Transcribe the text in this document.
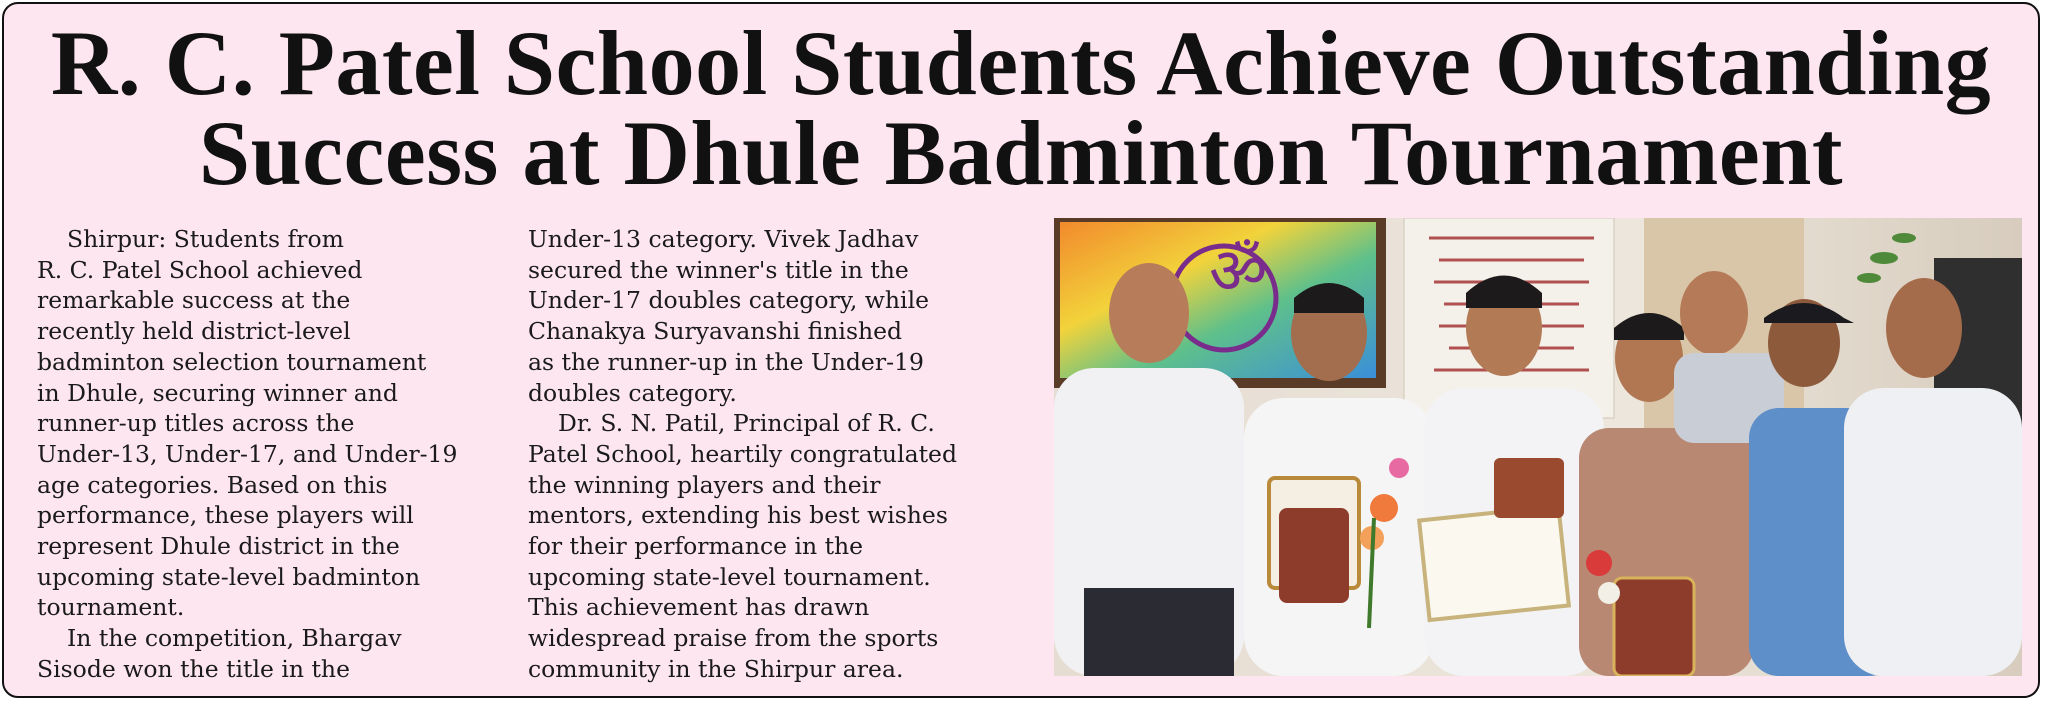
R. C. Patel School Students Achieve Outstanding
Success at Dhule Badminton Tournament

Shirpur: Students from

R. C. Patel School achieved

remarkable success at the

recently held district-level

badminton selection tournament

in Dhule, securing winner and

runner-up titles across the

Under-13, Under-17, and Under-19

age categories. Based on this

performance, these players will

represent Dhule district in the

upcoming state-level badminton

tournament.

In the competition, Bhargav

Sisode won the title in the

Under-13 category. Vivek Jadhav

secured the winner's title in the

Under-17 doubles category, while

Chanakya Suryavanshi finished

as the runner-up in the Under-19

doubles category.

Dr. S. N. Patil, Principal of R. C.

Patel School, heartily congratulated

the winning players and their

mentors, extending his best wishes

for their performance in the

upcoming state-level tournament.

This achievement has drawn

widespread praise from the sports

community in the Shirpur area.

ॐ
